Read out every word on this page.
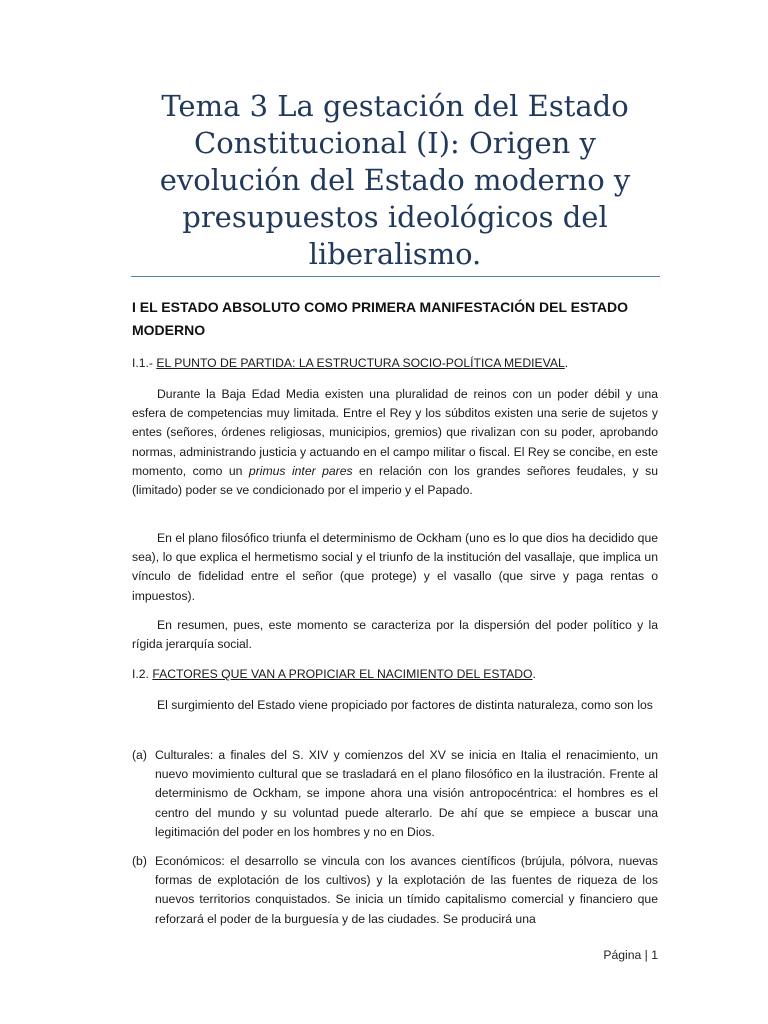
Tema 3 La gestación del Estado Constitucional (I): Origen y evolución del Estado moderno y presupuestos ideológicos del liberalismo.
I EL ESTADO ABSOLUTO COMO PRIMERA MANIFESTACIÓN DEL ESTADO MODERNO

I.1.- EL PUNTO DE PARTIDA: LA ESTRUCTURA SOCIO-POLÍTICA MEDIEVAL.

Durante la Baja Edad Media existen una pluralidad de reinos con un poder débil y una esfera de competencias muy limitada. Entre el Rey y los súbditos existen una serie de sujetos y entes (señores, órdenes religiosas, municipios, gremios) que rivalizan con su poder, aprobando normas, administrando justicia y actuando en el campo militar o fiscal. El Rey se concibe, en este momento, como un primus inter pares en relación con los grandes señores feudales, y su (limitado) poder se ve condicionado por el imperio y el Papado.

En el plano filosófico triunfa el determinismo de Ockham (uno es lo que dios ha decidido que sea), lo que explica el hermetismo social y el triunfo de la institución del vasallaje, que implica un vínculo de fidelidad entre el señor (que protege) y el vasallo (que sirve y paga rentas o impuestos).

En resumen, pues, este momento se caracteriza por la dispersión del poder político y la rígida jerarquía social.

I.2. FACTORES QUE VAN A PROPICIAR EL NACIMIENTO DEL ESTADO.

El surgimiento del Estado viene propiciado por factores de distinta naturaleza, como son los

(a) Culturales: a finales del S. XIV y comienzos del XV se inicia en Italia el renacimiento, un nuevo movimiento cultural que se trasladará en el plano filosófico en la ilustración. Frente al determinismo de Ockham, se impone ahora una visión antropocéntrica: el hombres es el centro del mundo y su voluntad puede alterarlo. De ahí que se empiece a buscar una legitimación del poder en los hombres y no en Dios.

(b) Económicos: el desarrollo se vincula con los avances científicos (brújula, pólvora, nuevas formas de explotación de los cultivos) y la explotación de las fuentes de riqueza de los nuevos territorios conquistados. Se inicia un tímido capitalismo comercial y financiero que reforzará el poder de la burguesía y de las ciudades. Se producirá una

Página | 1
